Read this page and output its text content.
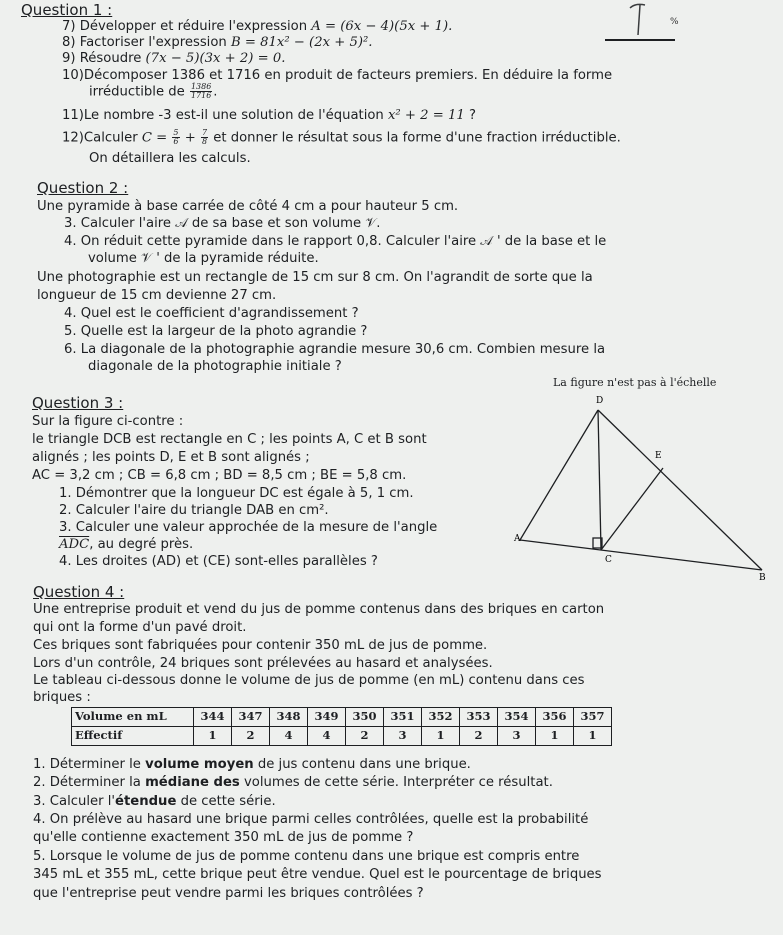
%
Question 1 :
7) Développer et réduire l'expression A = (6x − 4)(5x + 1).
8) Factoriser l'expression B = 81x² − (2x + 5)².
9) Résoudre (7x − 5)(3x + 2) = 0.
10)Décomposer 1386 et 1716 en produit de facteurs premiers. En déduire la forme
irréductible de $\frac{1386}{1716}$ .
11)Le nombre -3 est-il une solution de l'équation x² + 2 = 11 ?
12)Calculer $C = \frac{5}{6} + \frac{7}{8}$ et donner le résultat sous la forme d'une fraction irréductible.
On détaillera les calculs.
Question 2 :
Une pyramide à base carrée de côté 4 cm a pour hauteur 5 cm.
3. Calculer l'aire 𝒜 de sa base et son volume 𝒱.
4. On réduit cette pyramide dans le rapport 0,8. Calculer l'aire 𝒜 ' de la base et le
volume 𝒱 ' de la pyramide réduite.
Une photographie est un rectangle de 15 cm sur 8 cm. On l'agrandit de sorte que la
longueur de 15 cm devienne 27 cm.
4. Quel est le coefficient d'agrandissement ?
5. Quelle est la largeur de la photo agrandie ?
6. La diagonale de la photographie agrandie mesure 30,6 cm. Combien mesure la
diagonale de la photographie initiale ?
La figure n'est pas à l'échelle
Question 3 :
Sur la figure ci-contre :
le triangle DCB est rectangle en C ; les points A, C et B sont
alignés ; les points D, E et B sont alignés ;
AC = 3,2 cm ; CB = 6,8 cm ; BD = 8,5 cm ; BE = 5,8 cm.
1. Démontrer que la longueur DC est égale à 5, 1 cm.
2. Calculer l'aire du triangle DAB en cm².
3. Calculer une valeur approchée de la mesure de l'angle
$\overline{ADC}$, au degré près.
4. Les droites (AD) et (CE) sont-elles parallèles ?
D
E
A
C
B
Question 4 :
Une entreprise produit et vend du jus de pomme contenus dans des briques en carton
qui ont la forme d'un pavé droit.
Ces briques sont fabriquées pour contenir 350 mL de jus de pomme.
Lors d'un contrôle, 24 briques sont prélevées au hasard et analysées.
Le tableau ci-dessous donne le volume de jus de pomme (en mL) contenu dans ces
briques :
Volume en mL	344	347	348	349	350	351	352	353	354	356	357
Effectif	1	2	4	4	2	3	1	2	3	1	1
1. Déterminer le volume moyen de jus contenu dans une brique.
2. Déterminer la médiane des volumes de cette série. Interpréter ce résultat.
3. Calculer l'étendue de cette série.
4. On prélève au hasard une brique parmi celles contrôlées, quelle est la probabilité
qu'elle contienne exactement 350 mL de jus de pomme ?
5. Lorsque le volume de jus de pomme contenu dans une brique est compris entre
345 mL et 355 mL, cette brique peut être vendue. Quel est le pourcentage de briques
que l'entreprise peut vendre parmi les briques contrôlées ?
